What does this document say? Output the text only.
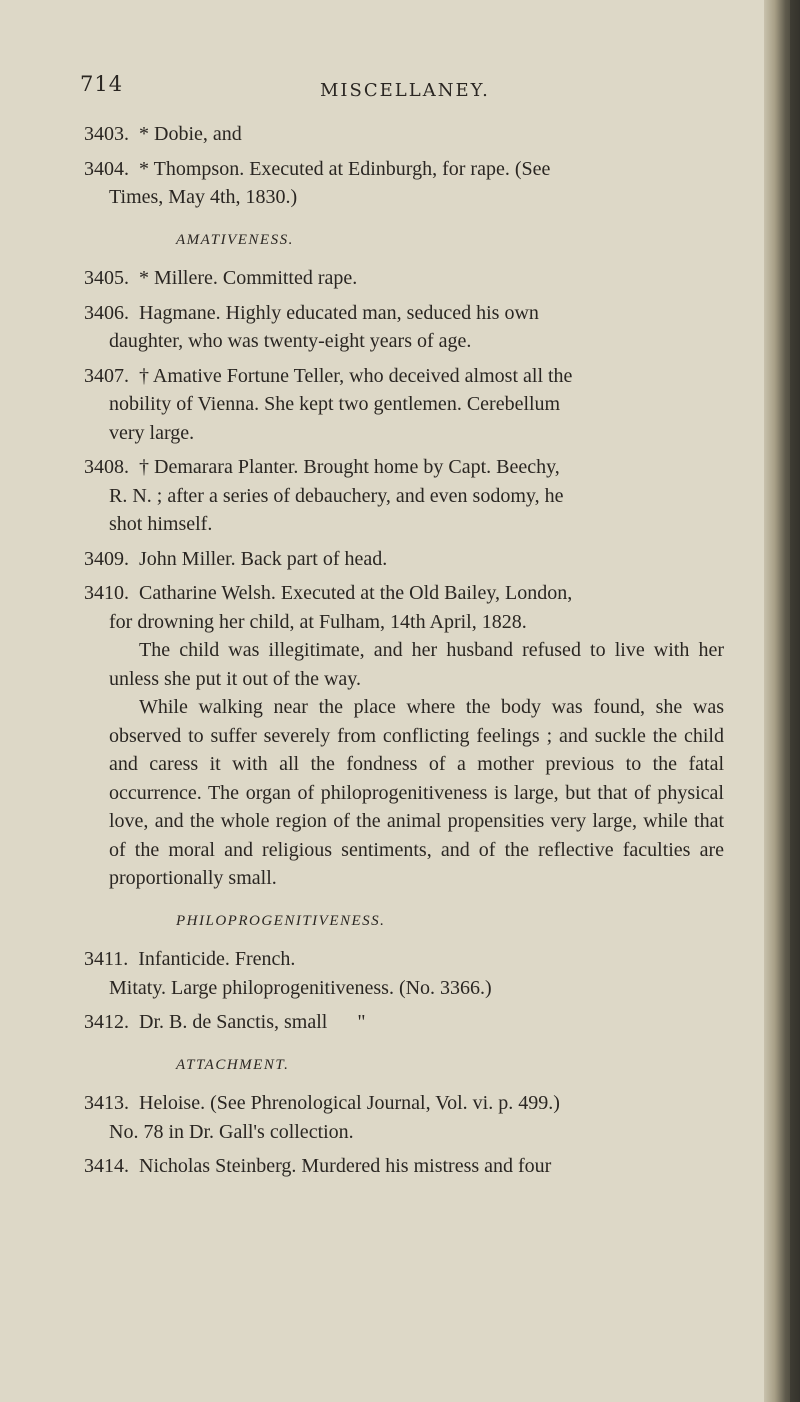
714	MISCELLANEY.
3403. * Dobie, and
3404. * Thompson. Executed at Edinburgh, for rape. (See
Times, May 4th, 1830.)
AMATIVENESS.
3405. * Millere. Committed rape.
3406. Hagmane. Highly educated man, seduced his own
daughter, who was twenty-eight years of age.
3407. † Amative Fortune Teller, who deceived almost all the
nobility of Vienna. She kept two gentlemen. Cerebellum
very large.
3408. † Demarara Planter. Brought home by Capt. Beechy,
R. N. ; after a series of debauchery, and even sodomy, he
shot himself.
3409. John Miller. Back part of head.
3410. Catharine Welsh. Executed at the Old Bailey, London,
for drowning her child, at Fulham, 14th April, 1828.
The child was illegitimate, and her husband refused to live with her unless she put it out of the way.
While walking near the place where the body was found, she was observed to suffer severely from conflicting feelings ; and suckle the child and caress it with all the fondness of a mother previous to the fatal occurrence. The organ of philoprogenitiveness is large, but that of physical love, and the whole region of the animal propensities very large, while that of the moral and religious sentiments, and of the reflective faculties are proportionally small.
PHILOPROGENITIVENESS.
3411. Infanticide. French.
Mitaty. Large philoprogenitiveness. (No. 3366.)
3412. Dr. B. de Sanctis, small      "
ATTACHMENT.
3413. Heloise. (See Phrenological Journal, Vol. vi. p. 499.)
No. 78 in Dr. Gall's collection.
3414. Nicholas Steinberg. Murdered his mistress and four
